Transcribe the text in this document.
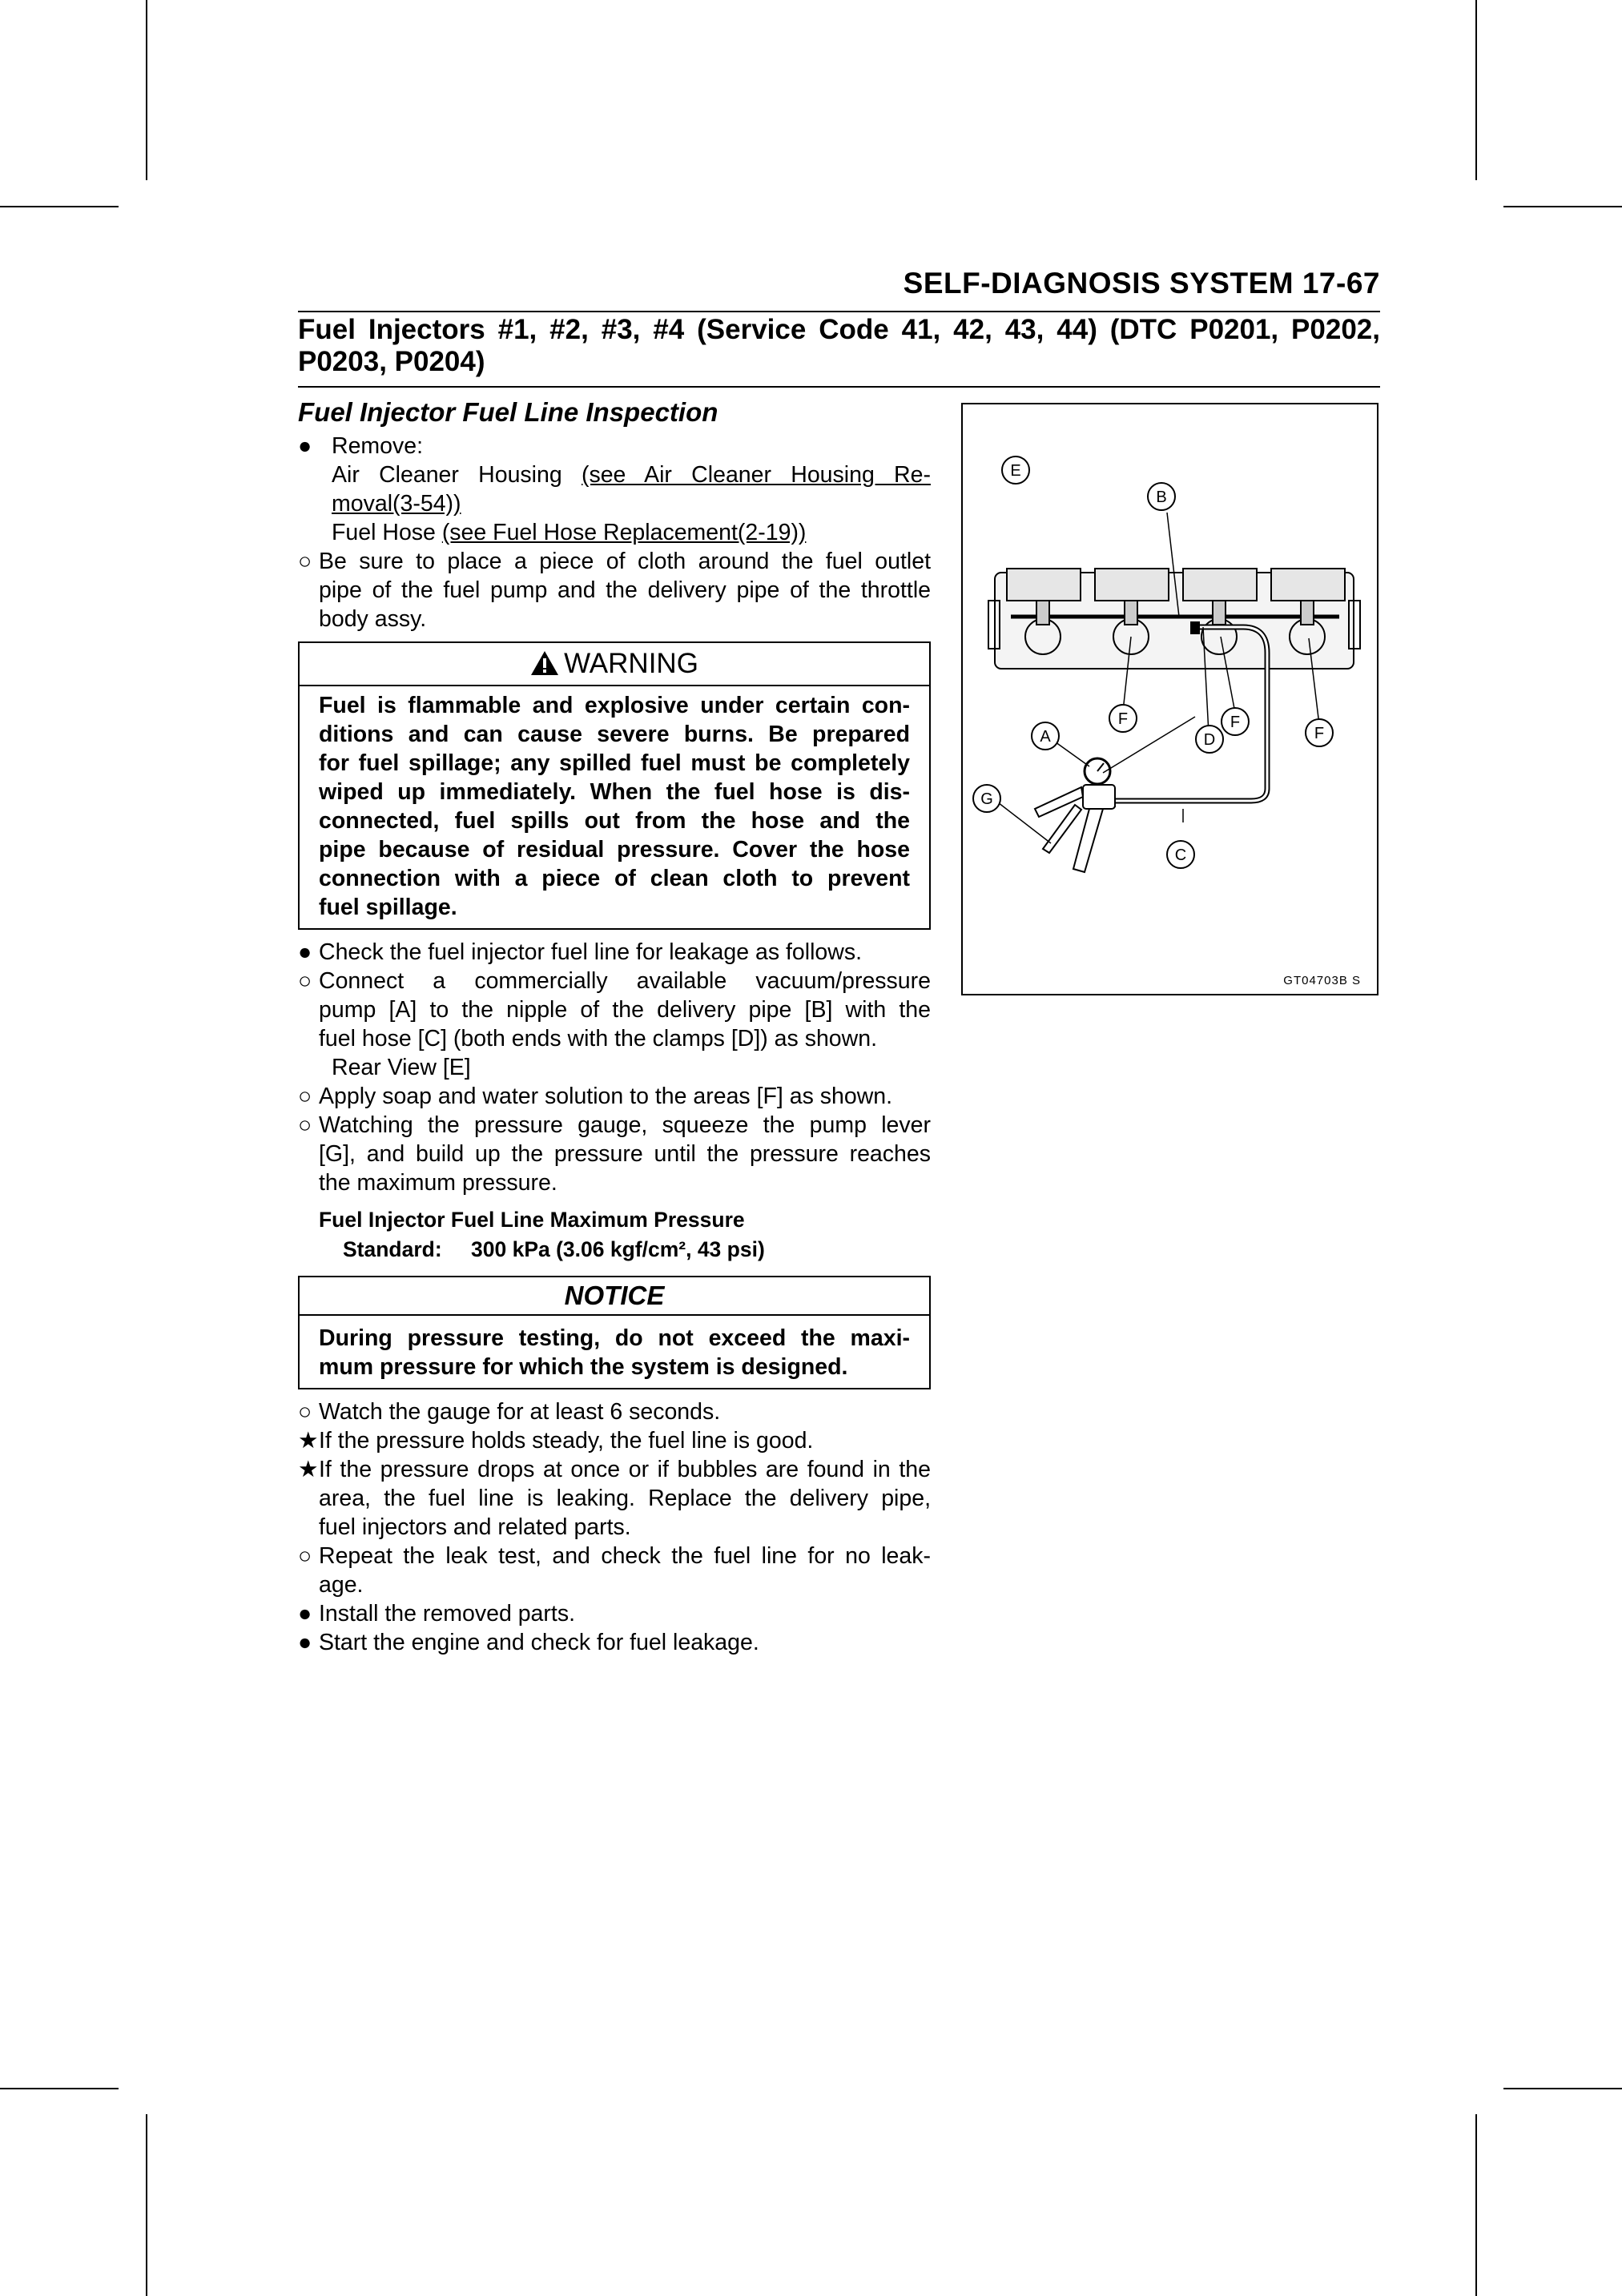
SELF-DIAGNOSIS SYSTEM 17-67
Fuel Injectors #1, #2, #3, #4 (Service Code 41, 42, 43, 44) (DTC P0201, P0202,
P0203, P0204)
Fuel Injector Fuel Line Inspection
● Remove:
Air Cleaner Housing (see Air Cleaner Housing Re-
moval(3-54))
Fuel Hose (see Fuel Hose Replacement(2-19))
○ Be sure to place a piece of cloth around the fuel outlet
pipe of the fuel pump and the delivery pipe of the throttle
body assy.
WARNING
Fuel is flammable and explosive under certain con-
ditions and can cause severe burns. Be prepared
for fuel spillage; any spilled fuel must be completely
wiped up immediately. When the fuel hose is dis-
connected, fuel spills out from the hose and the
pipe because of residual pressure. Cover the hose
connection with a piece of clean cloth to prevent
fuel spillage.
● Check the fuel injector fuel line for leakage as follows.
○ Connect a commercially available vacuum/pressure
pump [A] to the nipple of the delivery pipe [B] with the
fuel hose [C] (both ends with the clamps [D]) as shown.
Rear View [E]
○ Apply soap and water solution to the areas [F] as shown.
○ Watching the pressure gauge, squeeze the pump lever
[G], and build up the pressure until the pressure reaches
the maximum pressure.
Fuel Injector Fuel Line Maximum Pressure
Standard: 300 kPa (3.06 kgf/cm², 43 psi)
NOTICE
During pressure testing, do not exceed the maxi-
mum pressure for which the system is designed.
○ Watch the gauge for at least 6 seconds.
★ If the pressure holds steady, the fuel line is good.
★ If the pressure drops at once or if bubbles are found in the
area, the fuel line is leaking. Replace the delivery pipe,
fuel injectors and related parts.
○ Repeat the leak test, and check the fuel line for no leak-
age.
● Install the removed parts.
● Start the engine and check for fuel leakage.
E
B
A
F
D
F
F
G
C
GT04703B S
